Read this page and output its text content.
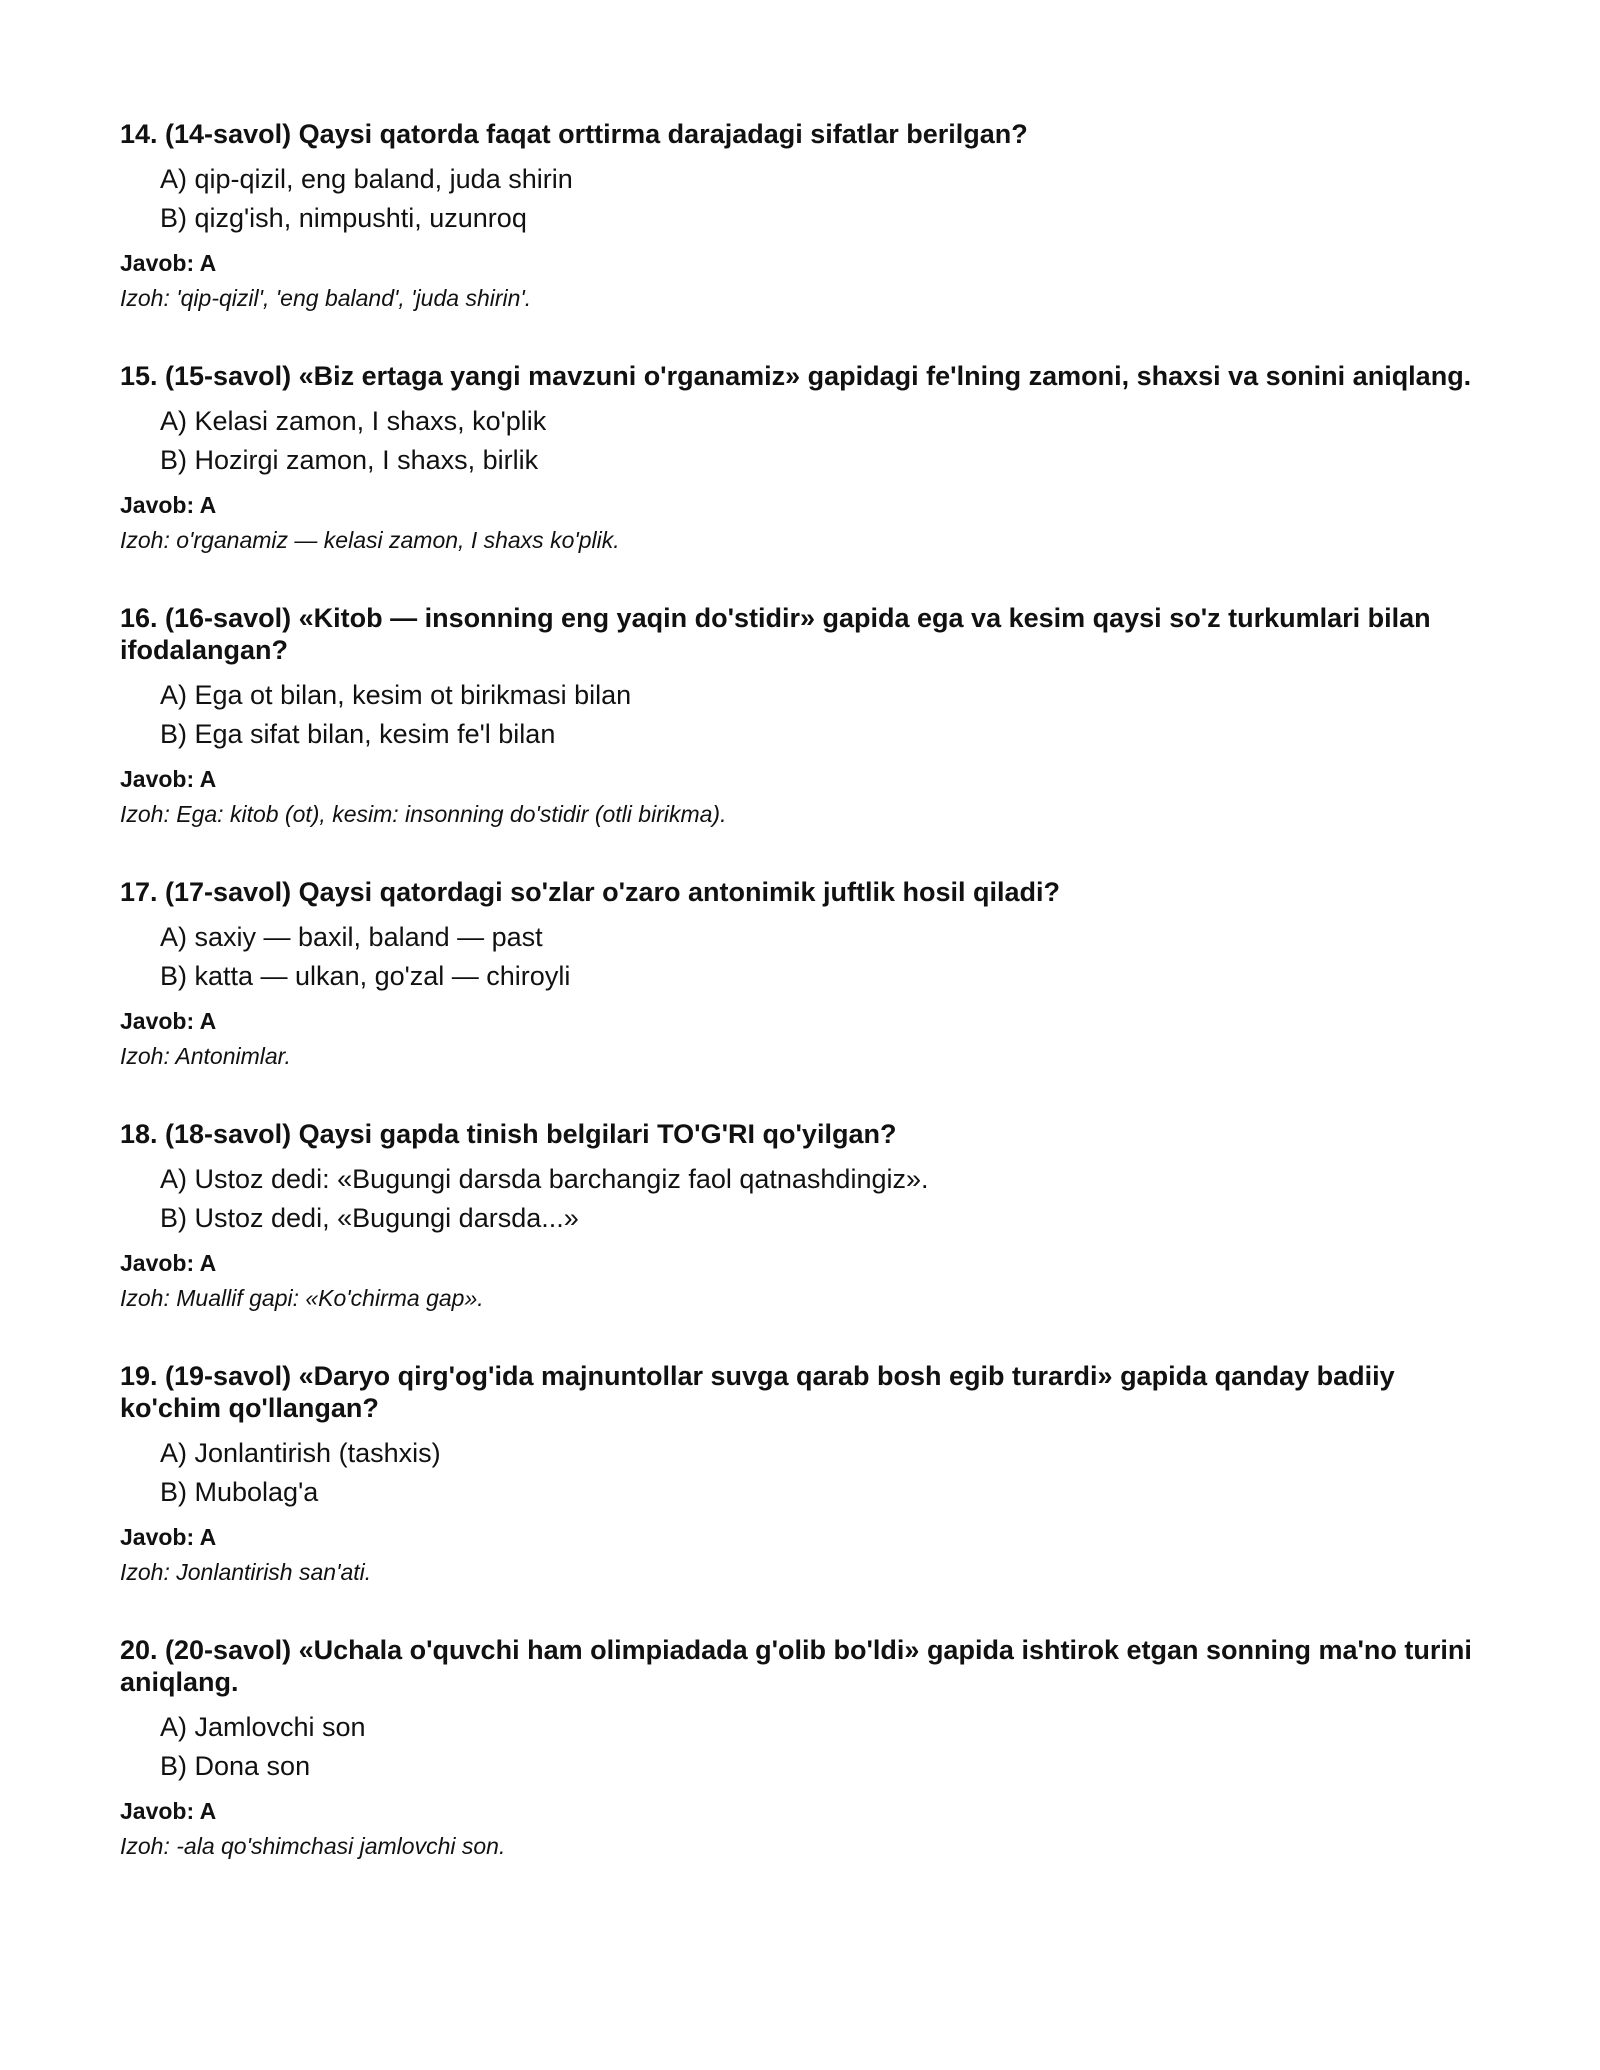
14. (14-savol) Qaysi qatorda faqat orttirma darajadagi sifatlar berilgan?
A) qip-qizil, eng baland, juda shirin
B) qizg'ish, nimpushti, uzunroq
Javob: A
Izoh: 'qip-qizil', 'eng baland', 'juda shirin'.
15. (15-savol) «Biz ertaga yangi mavzuni o'rganamiz» gapidagi fe'lning zamoni, shaxsi va sonini aniqlang.
A) Kelasi zamon, I shaxs, ko'plik
B) Hozirgi zamon, I shaxs, birlik
Javob: A
Izoh: o'rganamiz — kelasi zamon, I shaxs ko'plik.
16. (16-savol) «Kitob — insonning eng yaqin do'stidir» gapida ega va kesim qaysi so'z turkumlari bilan ifodalangan?
A) Ega ot bilan, kesim ot birikmasi bilan
B) Ega sifat bilan, kesim fe'l bilan
Javob: A
Izoh: Ega: kitob (ot), kesim: insonning do'stidir (otli birikma).
17. (17-savol) Qaysi qatordagi so'zlar o'zaro antonimik juftlik hosil qiladi?
A) saxiy — baxil, baland — past
B) katta — ulkan, go'zal — chiroyli
Javob: A
Izoh: Antonimlar.
18. (18-savol) Qaysi gapda tinish belgilari TO'G'RI qo'yilgan?
A) Ustoz dedi: «Bugungi darsda barchangiz faol qatnashdingiz».
B) Ustoz dedi, «Bugungi darsda...»
Javob: A
Izoh: Muallif gapi: «Ko'chirma gap».
19. (19-savol) «Daryo qirg'og'ida majnuntollar suvga qarab bosh egib turardi» gapida qanday badiiy ko'chim qo'llangan?
A) Jonlantirish (tashxis)
B) Mubolag'a
Javob: A
Izoh: Jonlantirish san'ati.
20. (20-savol) «Uchala o'quvchi ham olimpiadada g'olib bo'ldi» gapida ishtirok etgan sonning ma'no turini aniqlang.
A) Jamlovchi son
B) Dona son
Javob: A
Izoh: -ala qo'shimchasi jamlovchi son.
